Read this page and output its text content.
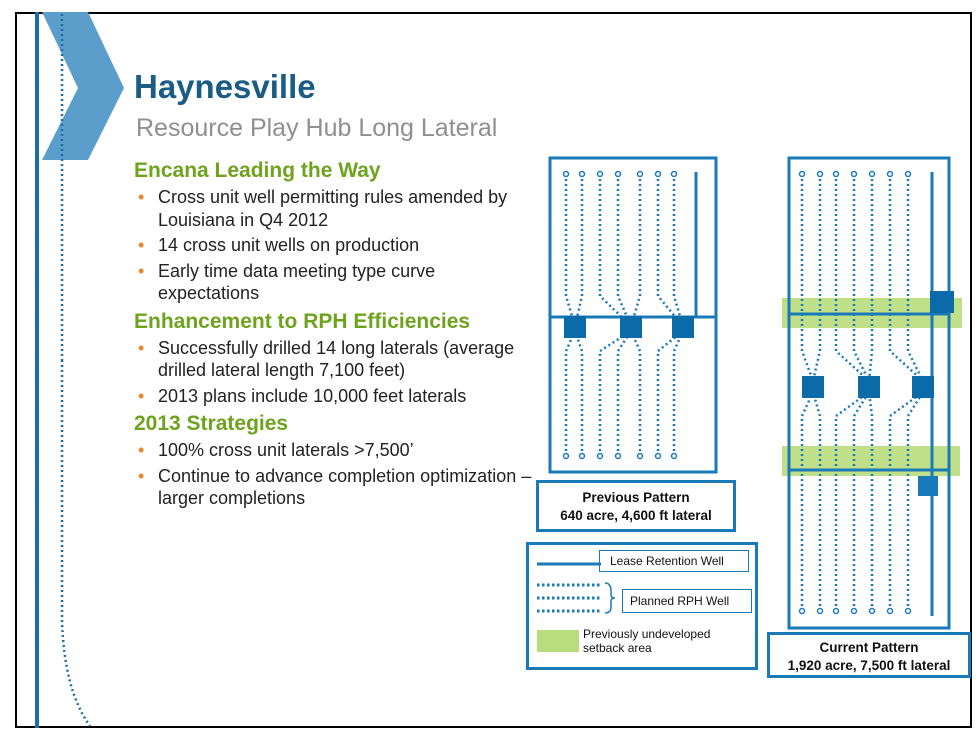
Haynesville
Resource Play Hub Long Lateral
Encana Leading the Way
• Cross unit well permitting rules amended by Louisiana in Q4 2012
• 14 cross unit wells on production
• Early time data meeting type curve expectations
Enhancement to RPH Efficiencies
• Successfully drilled 14 long laterals (average drilled lateral length 7,100 feet)
• 2013 plans include 10,000 feet laterals
2013 Strategies
• 100% cross unit laterals >7,500’
• Continue to advance completion optimization – larger completions	Previous Pattern
640 acre, 4,600 ft lateral
Lease Retention Well
Planned RPH Well
Previously undeveloped setback area	Current Pattern
1,920 acre, 7,500 ft lateral
